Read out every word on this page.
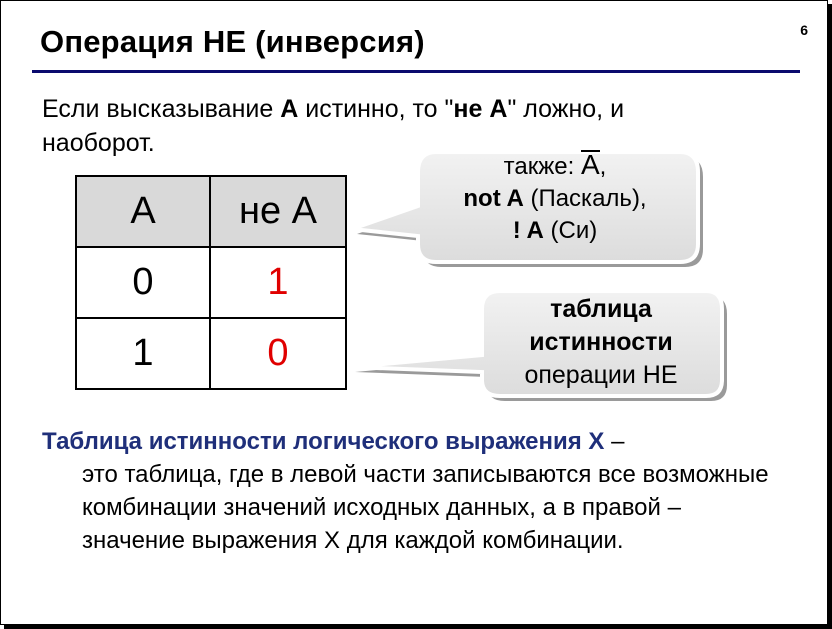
6
Операция НЕ (инверсия)
Если высказывание A истинно, то "не А" ложно, и наоборот.
A	не А
0	1
1	0
также: A,
not A (Паскаль),
! A (Си)
таблица
истинности
операции НЕ
Таблица истинности логического выражения Х –
это таблица, где в левой части записываются все возможные комбинации значений исходных данных, а в правой – значение выражения Х для каждой комбинации.
